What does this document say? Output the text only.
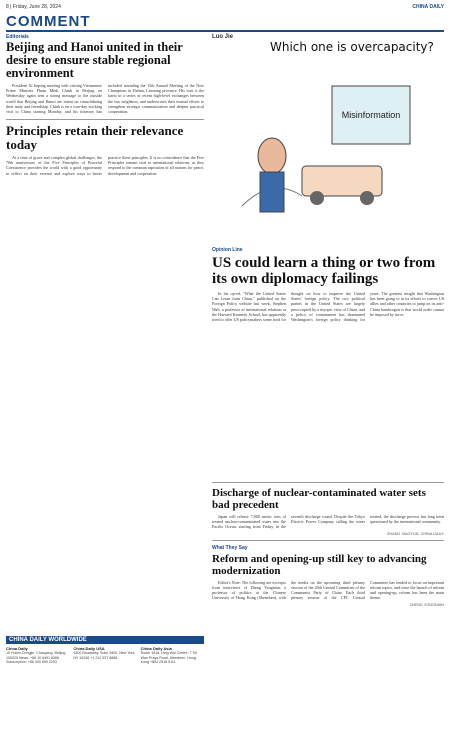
8 | Friday, June 28, 2024	CHINA DAILY
COMMENT
Editorials
Beijing and Hanoi united in their desire to ensure stable regional environment

President Xi Jinping meeting with visiting Vietnamese Prime Minister Pham Minh Chinh in Beijing on Wednesday again sent a strong message to the outside world that Beijing and Hanoi are intent on consolidating their unity and friendship. Chinh is on a four-day working visit to China starting Monday, and his itinerary has included attending the 15th Annual Meeting of the New Champions in Dalian, Liaoning province. His visit is the latest in a series of recent high-level exchanges between the two neighbors, and underscores their mutual efforts to strengthen strategic communication and deepen practical cooperation.

Principles retain their relevance today

At a time of grave and complex global challenges, the 70th anniversary of the Five Principles of Peaceful Coexistence provides the world with a good opportunity to reflect on their essence and explore ways to better practice these principles. It is no coincidence that the Five Principles remain vital to international relations, as they respond to the common aspiration of all nations for peace, development and cooperation.

Luo Jie
Which one is overcapacity?
Misinformation
Opinion Line
US could learn a thing or two from its own diplomacy failings

In his op-ed, "What the United States Can Learn from China," published on the Foreign Policy website last week, Stephen Walt, a professor of international relations at the Harvard Kennedy School, has apparently tried to offer US policymakers some food for thought on how to improve the United States' foreign policy. The two political parties in the United States are largely preoccupied by a myopic view of China, and a policy of containment has dominated Washington's foreign policy thinking for years. The greatest insight that Washington has been going to in its efforts to coerce US allies and other countries to jump on its anti-China bandwagon is that world order cannot be imposed by force.

Discharge of nuclear-contaminated water sets bad precedent

Japan will release 7,800 metric tons of treated nuclear-contaminated water into the Pacific Ocean, starting from Friday, in the seventh discharge round. Despite the Tokyo Electric Power Company calling the water treated, the discharge process has long been questioned by the international community.

ZHANG XIAOYUN, CHINA DAILY
What They Say
Reform and opening-up still key to advancing modernization

Editor's Note: The following are excerpts from interviews of Zheng Yongnian, a professor of politics at the Chinese University of Hong Kong (Shenzhen), with the media on the upcoming third plenary session of the 20th Central Committee of the Communist Party of China. Each third plenary session of the CPC Central Committee has tended to focus on important reform topics, and since the launch of reform and opening-up, reform has been the main theme.

ZHENG YONGNIAN
CHINA DAILY WORLDWIDE
China Daily
15 Huixin Dongjie, Chaoyang, Beijing 100029 News: +86 10 6491 8366 Subscription: +86 400 699 0203
China Daily USA
1500 Broadway, Suite 2800, New York, NY 10036 +1 212 537 8888
China Daily Asia
Room 1818, Hing Wai Centre, 7 Tin Wan Praya Road, Aberdeen, Hong Kong +852 2518 5111
